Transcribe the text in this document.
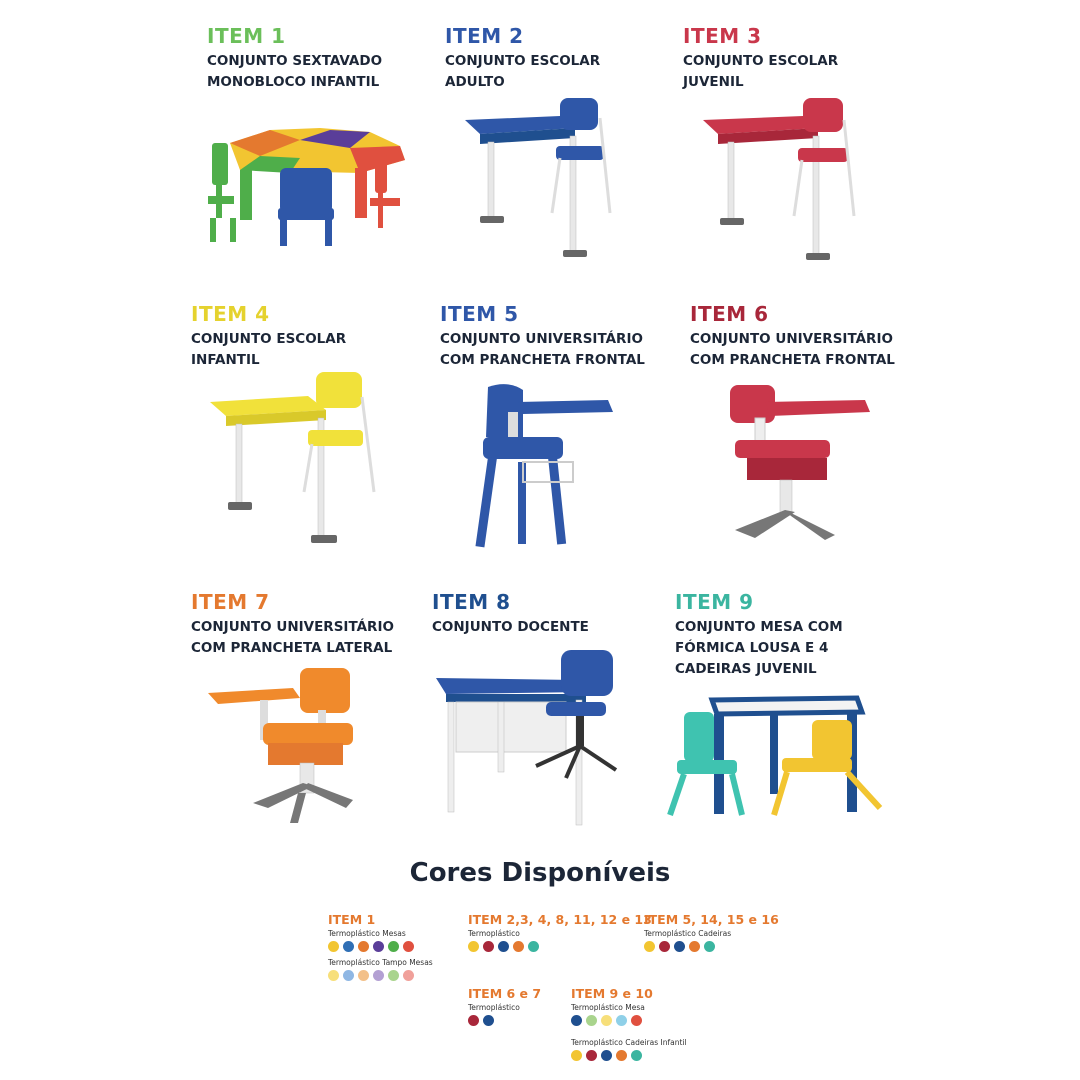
ITEM 1
CONJUNTO SEXTAVADO
MONOBLOCO INFANTIL
ITEM 2
CONJUNTO ESCOLAR
ADULTO
ITEM 3
CONJUNTO ESCOLAR
JUVENIL
ITEM 4
CONJUNTO ESCOLAR
INFANTIL
ITEM 5
CONJUNTO UNIVERSITÁRIO
COM PRANCHETA FRONTAL
ITEM 6
CONJUNTO UNIVERSITÁRIO
COM PRANCHETA FRONTAL
ITEM 7
CONJUNTO UNIVERSITÁRIO
COM PRANCHETA LATERAL
ITEM 8
CONJUNTO DOCENTE
ITEM 9
CONJUNTO MESA COM
FÓRMICA LOUSA E 4
CADEIRAS JUVENIL
Cores Disponíveis
ITEM 1
Termoplástico Mesas
Termoplástico Tampo Mesas
ITEM 2,3, 4, 8, 11, 12 e 13
Termoplástico
ITEM 5, 14, 15 e 16
Termoplástico Cadeiras
ITEM 6 e 7
Termoplástico
ITEM 9 e 10
Termoplástico Mesa
Termoplástico Cadeiras Infantil
